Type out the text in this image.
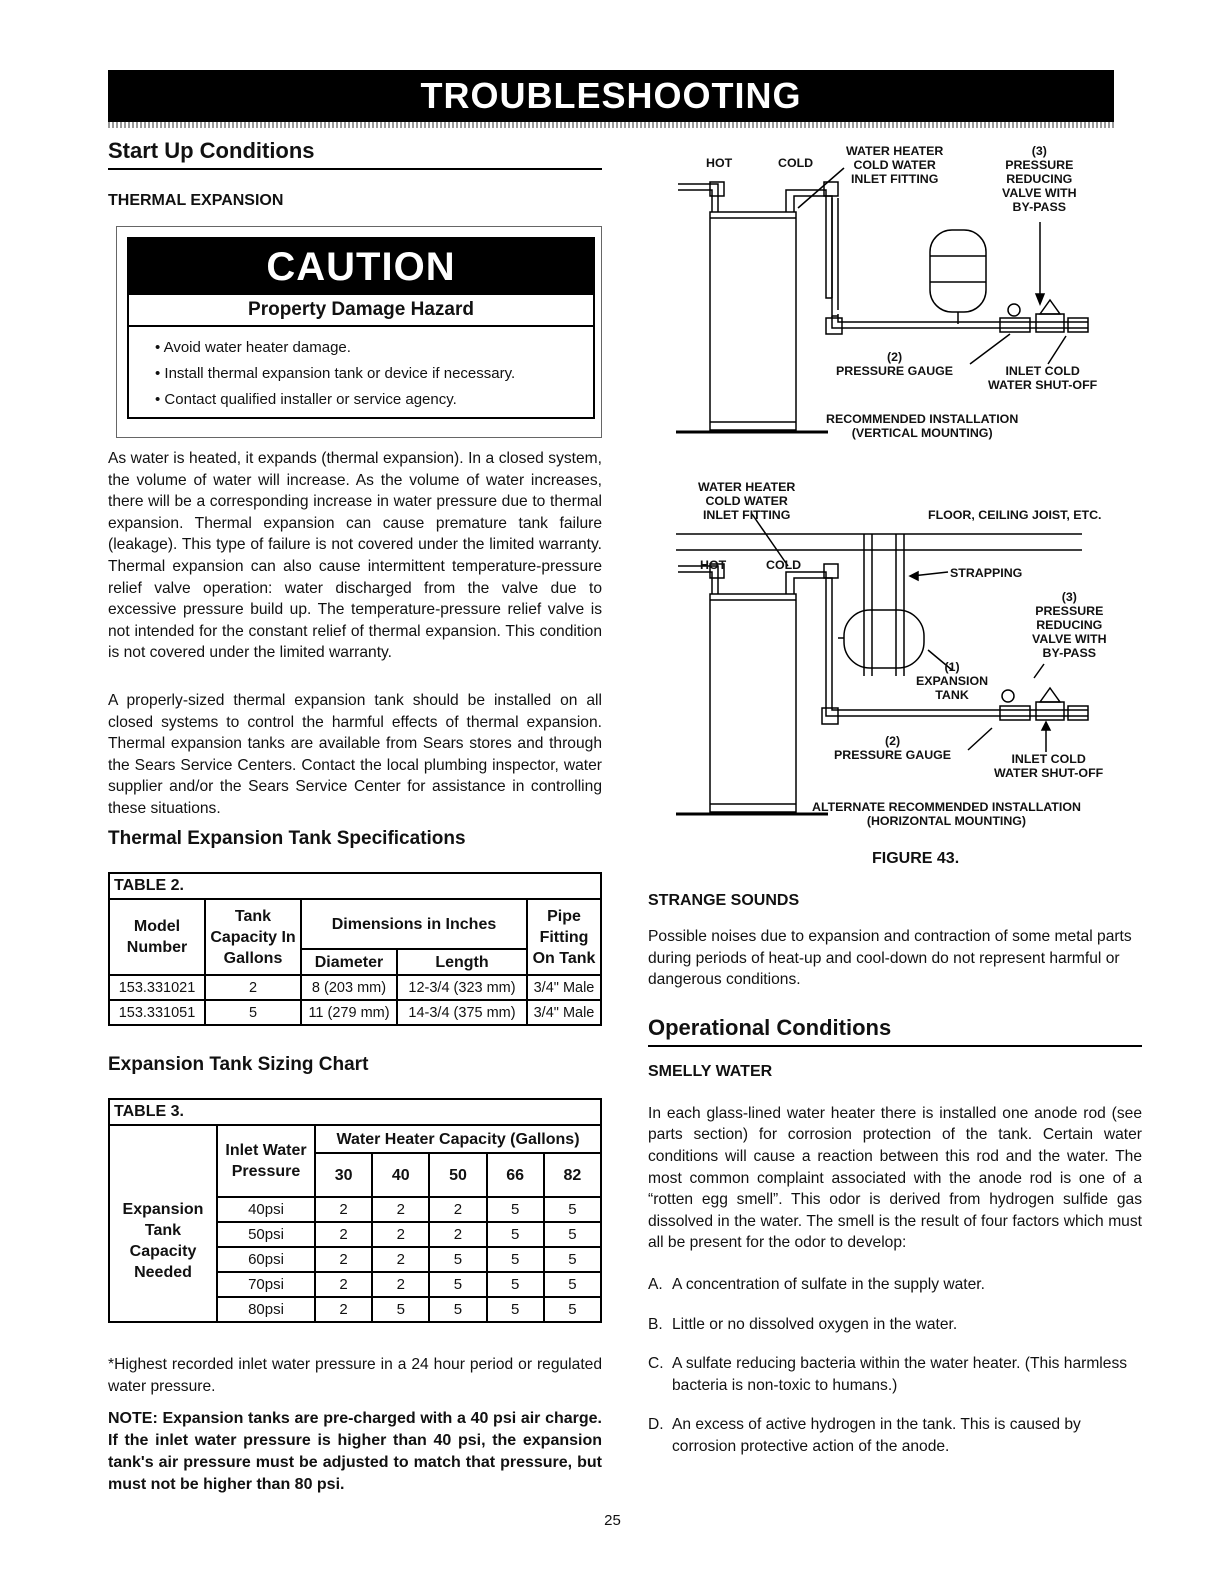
TROUBLESHOOTING
Start Up Conditions
THERMAL EXPANSION
CAUTION
Property Damage Hazard
• Avoid water heater damage.
• Install thermal expansion tank or device if necessary.
• Contact qualified installer or service agency.

As water is heated, it expands (thermal expansion). In a closed system, the volume of water will increase. As the volume of water increases, there will be a corresponding increase in water pressure due to thermal expansion. Thermal expansion can cause premature tank failure (leakage). This type of failure is not covered under the limited warranty. Thermal expansion can also cause intermittent temperature-pressure relief valve operation: water discharged from the valve due to excessive pressure build up. The temperature-pressure relief valve is not intended for the constant relief of thermal expansion. This condition is not covered under the limited warranty.

A properly-sized thermal expansion tank should be installed on all closed systems to control the harmful effects of thermal expansion. Thermal expansion tanks are available from Sears stores and through the Sears Service Centers. Contact the local plumbing inspector, water supplier and/or the Sears Service Center for assistance in controlling these situations.

Thermal Expansion Tank Specifications
TABLE 2.
Model Number	Tank Capacity In Gallons	Dimensions in Inches		Pipe Fitting On Tank
		Diameter	Length	
153.331021	2	8 (203 mm)	12-3/4 (323 mm)	3/4" Male
153.331051	5	11 (279 mm)	14-3/4 (375 mm)	3/4" Male
Expansion Tank Sizing Chart
TABLE 3.
	Inlet Water Pressure	Water Heater Capacity (Gallons)				
		30	40	50	66	82
Expansion Tank Capacity Needed	40psi	2	2	2	5	5
	50psi	2	2	2	5	5
	60psi	2	2	5	5	5
	70psi	2	2	5	5	5
	80psi	2	5	5	5	5

*Highest recorded inlet water pressure in a 24 hour period or regulated water pressure.

NOTE: Expansion tanks are pre-charged with a 40 psi air charge. If the inlet water pressure is higher than 40 psi, the expansion tank's air pressure must be adjusted to match that pressure, but must not be higher than 80 psi.

HOT	COLD
WATER HEATER
COLD WATER
INLET FITTING
(3)
PRESSURE
REDUCING
VALVE WITH
BY-PASS
(2)
PRESSURE GAUGE	INLET COLD
WATER SHUT-OFF
RECOMMENDED INSTALLATION
(VERTICAL MOUNTING)
WATER HEATER
COLD WATER
INLET FITTING	FLOOR, CEILING JOIST, ETC.
HOT	COLD
STRAPPING
(3)
PRESSURE
REDUCING
VALVE WITH
BY-PASS
(1)
EXPANSION
TANK
(2)
PRESSURE GAUGE	INLET COLD
WATER SHUT-OFF
ALTERNATE RECOMMENDED INSTALLATION
(HORIZONTAL MOUNTING)
FIGURE 43.
STRANGE SOUNDS

Possible noises due to expansion and contraction of some metal parts during periods of heat-up and cool-down do not represent harmful or dangerous conditions.

Operational Conditions
SMELLY WATER

In each glass-lined water heater there is installed one anode rod (see parts section) for corrosion protection of the tank. Certain water conditions will cause a reaction between this rod and the water. The most common complaint associated with the anode rod is one of a “rotten egg smell”. This odor is derived from hydrogen sulfide gas dissolved in the water. The smell is the result of four factors which must all be present for the odor to develop:

A. A concentration of sulfate in the supply water.
B. Little or no dissolved oxygen in the water.
C. A sulfate reducing bacteria within the water heater. (This harmless bacteria is non-toxic to humans.)
D. An excess of active hydrogen in the tank. This is caused by corrosion protective action of the anode.
25
